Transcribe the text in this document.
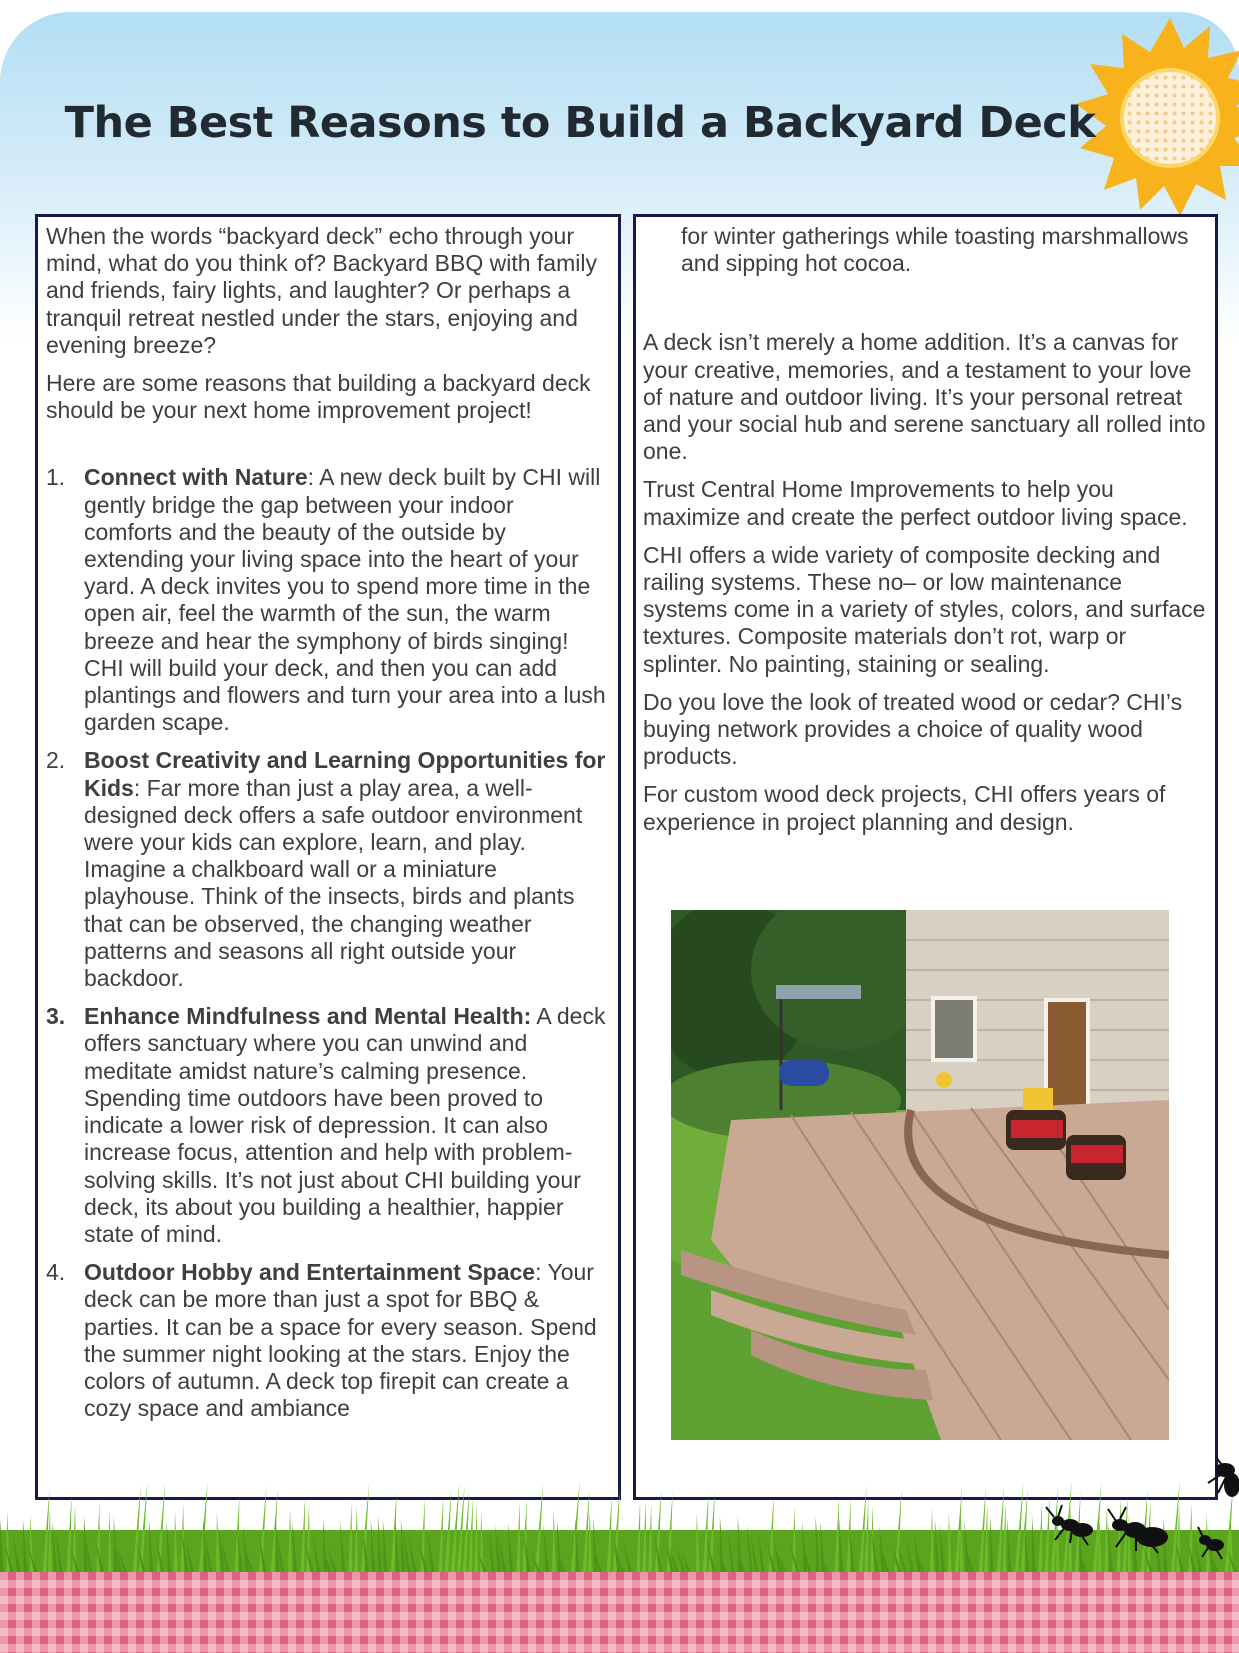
The Best Reasons to Build a Backyard Deck

When the words “backyard deck” echo through your mind, what do you think of? Backyard BBQ with family and friends, fairy lights, and laughter? Or perhaps a tranquil retreat nestled under the stars, enjoying and evening breeze?

Here are some reasons that building a backyard deck should be your next home improvement project!

1. Connect with Nature: A new deck built by CHI will gently bridge the gap between your indoor comforts and the beauty of the outside by extending your living space into the heart of your yard. A deck invites you to spend more time in the open air, feel the warmth of the sun, the warm breeze and hear the symphony of birds singing! CHI will build your deck, and then you can add plantings and flowers and turn your area into a lush garden scape.
2. Boost Creativity and Learning Opportunities for Kids: Far more than just a play area, a well-designed deck offers a safe outdoor environment were your kids can explore, learn, and play. Imagine a chalkboard wall or a miniature playhouse. Think of the insects, birds and plants that can be observed, the changing weather patterns and seasons all right outside your backdoor.
3. Enhance Mindfulness and Mental Health: A deck offers sanctuary where you can unwind and meditate amidst nature’s calming presence. Spending time outdoors have been proved to indicate a lower risk of depression. It can also increase focus, attention and help with problem-solving skills. It’s not just about CHI building your deck, its about you building a healthier, happier state of mind.
4. Outdoor Hobby and Entertainment Space: Your deck can be more than just a spot for BBQ & parties. It can be a space for every season. Spend the summer night looking at the stars. Enjoy the colors of autumn. A deck top firepit can create a cozy space and ambiance

for winter gatherings while toasting marshmallows and sipping hot cocoa.

A deck isn’t merely a home addition. It’s a canvas for your creative, memories, and a testament to your love of nature and outdoor living. It’s your personal retreat and your social hub and serene sanctuary all rolled into one.

Trust Central Home Improvements to help you maximize and create the perfect outdoor living space.

CHI offers a wide variety of composite decking and railing systems. These no– or low maintenance systems come in a variety of styles, colors, and surface textures. Composite materials don’t rot, warp or splinter. No painting, staining or sealing.

Do you love the look of treated wood or cedar? CHI’s buying network provides a choice of quality wood products.

For custom wood deck projects, CHI offers years of experience in project planning and design.
